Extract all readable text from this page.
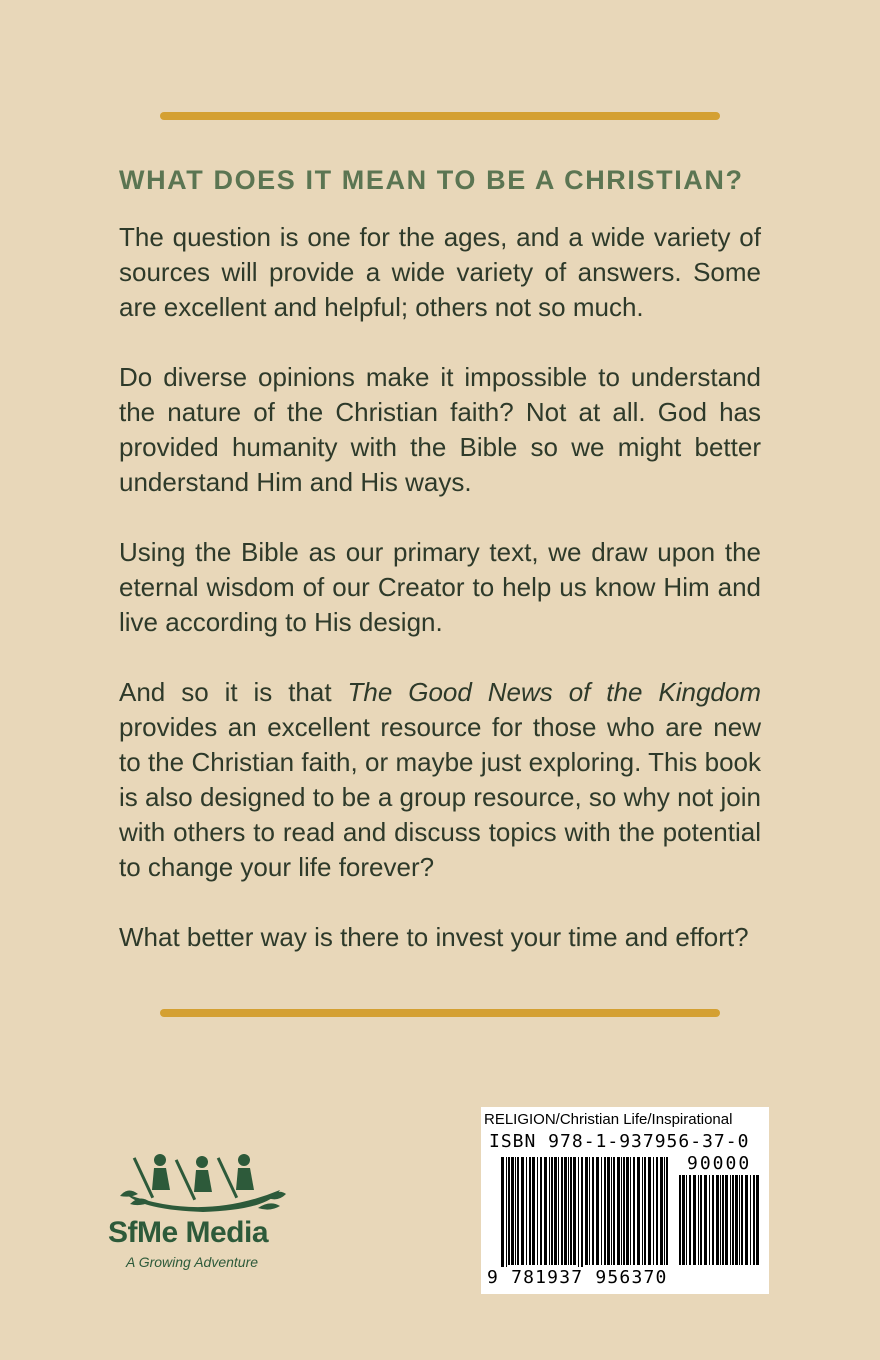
WHAT DOES IT MEAN TO BE A CHRISTIAN?

The question is one for the ages, and a wide variety of sources will provide a wide variety of answers. Some are excellent and helpful; others not so much.

Do diverse opinions make it impossible to understand the nature of the Christian faith? Not at all. God has provided humanity with the Bible so we might better understand Him and His ways.

Using the Bible as our primary text, we draw upon the eternal wisdom of our Creator to help us know Him and live according to His design.

And so it is that The Good News of the Kingdom provides an excellent resource for those who are new to the Christian faith, or maybe just exploring. This book is also designed to be a group resource, so why not join with others to read and discuss topics with the potential to change your life forever?

What better way is there to invest your time and effort?

SfMe Media
A Growing Adventure
RELIGION/Christian Life/Inspirational
ISBN 978-1-937956-37-0
90000
9 781937 956370
